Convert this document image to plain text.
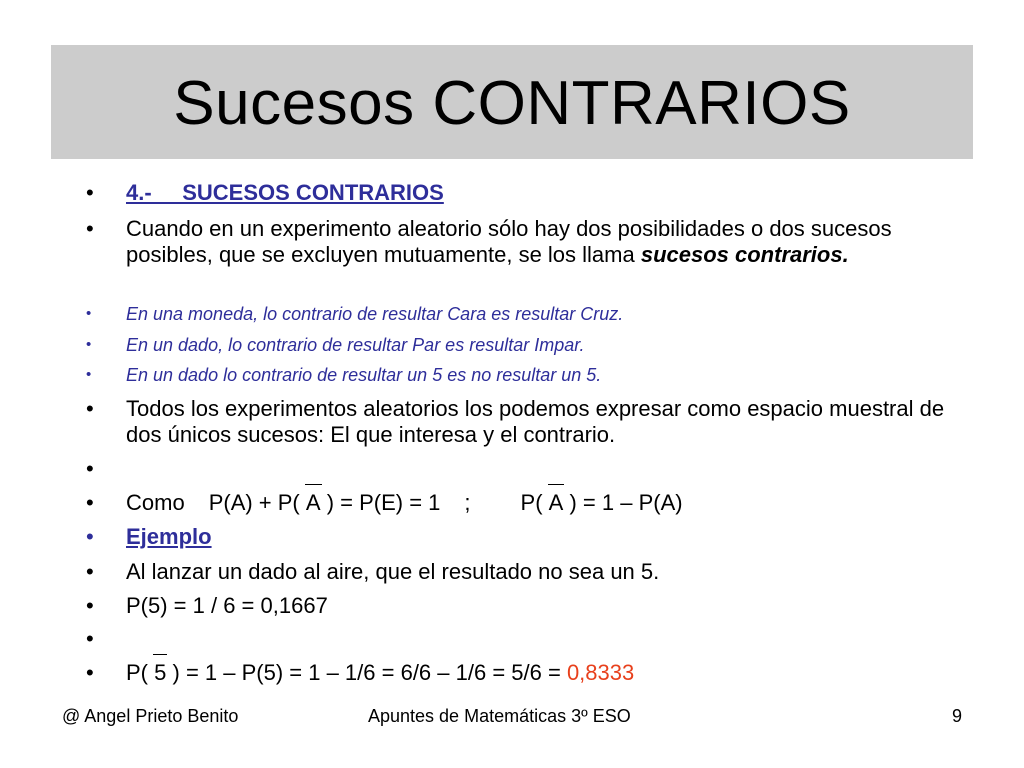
Sucesos CONTRARIOS
• 4.-     SUCESOS CONTRARIOS
• Cuando en un experimento aleatorio sólo hay dos posibilidades o dos sucesos posibles, que se excluyen mutuamente, se los llama sucesos contrarios.
• En una moneda, lo contrario de resultar Cara es resultar Cruz.
• En un dado, lo contrario de resultar Par es resultar Impar.
• En un dado lo contrario de resultar un 5 es no resultar un 5.
• Todos los experimentos aleatorios los podemos expresar como espacio muestral de dos únicos sucesos: El que interesa y el contrario.
•
• Como P(A) + P( A ) = P(E) = 1 ; P( A ) = 1 – P(A)
• Ejemplo
• Al lanzar un dado al aire, que el resultado no sea un 5.
• P(5) = 1 / 6 = 0,1667
•
• P( 5 ) = 1 – P(5) = 1 – 1/6 = 6/6 – 1/6 = 5/6 = 0,8333
@ Angel Prieto Benito	Apuntes de Matemáticas 3º ESO	9
